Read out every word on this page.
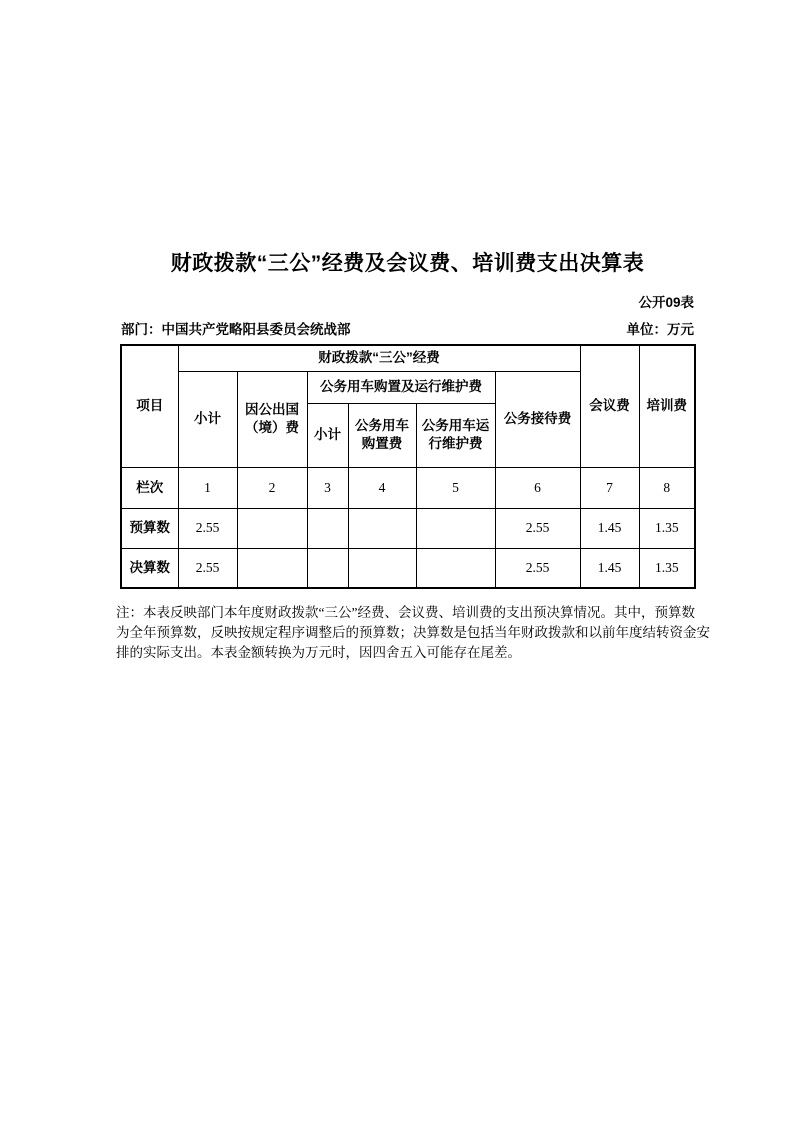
财政拨款“三公”经费及会议费、培训费支出决算表
公开09表
部门：中国共产党略阳县委员会统战部	单位：万元
项目	财政拨款“三公”经费						会议费	培训费
	小计	因公出国（境）费	公务用车购置及运行维护费			公务接待费		
			小计	公务用车购置费	公务用车运行维护费			
栏次	1	2	3	4	5	6	7	8
预算数	2.55					2.55	1.45	1.35
决算数	2.55					2.55	1.45	1.35
注：本表反映部门本年度财政拨款“三公”经费、会议费、培训费的支出预决算情况。其中，预算数
为全年预算数，反映按规定程序调整后的预算数；决算数是包括当年财政拨款和以前年度结转资金安
排的实际支出。本表金额转换为万元时，因四舍五入可能存在尾差。
